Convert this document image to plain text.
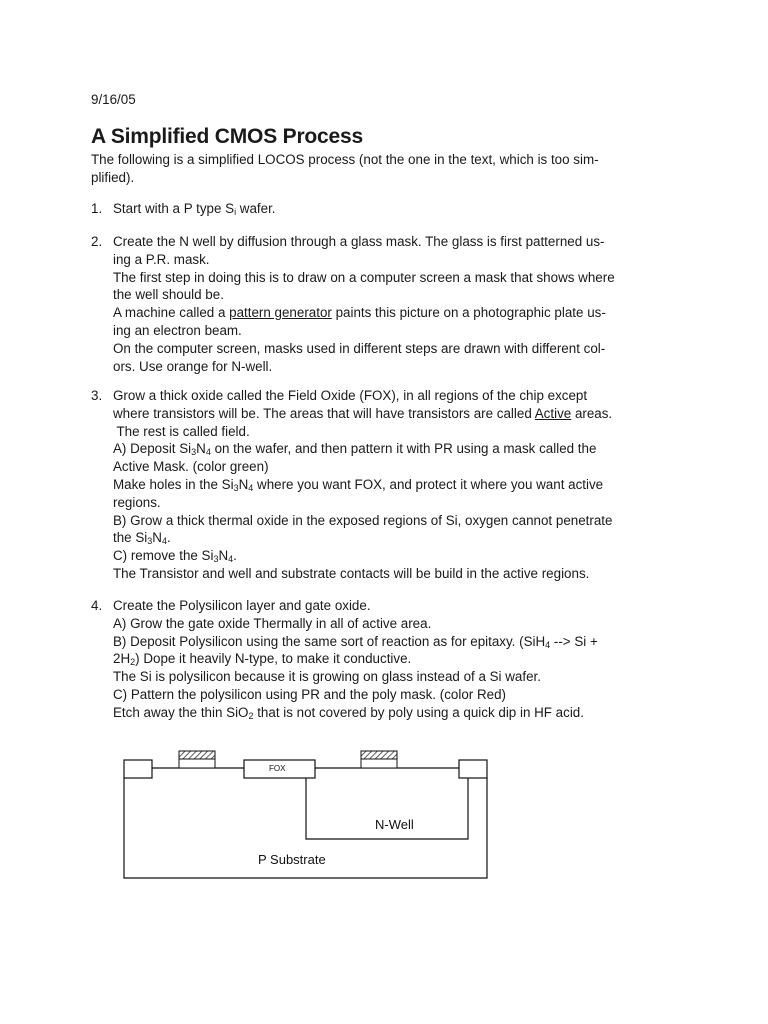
9/16/05
A Simplified CMOS Process
The following is a simplified LOCOS process (not the one in the text, which is too sim-
plified).
1. Start with a P type $S_i$ wafer.
2. Create the N well by diffusion through a glass mask. The glass is first patterned us-
ing a P.R. mask.
The first step in doing this is to draw on a computer screen a mask that shows where
the well should be.
A machine called a pattern generator paints this picture on a photographic plate us-
ing an electron beam.
On the computer screen, masks used in different steps are drawn with different col-
ors. Use orange for N-well.
3. Grow a thick oxide called the Field Oxide (FOX), in all regions of the chip except
where transistors will be. The areas that will have transistors are called Active areas.
The rest is called field.
A) Deposit $Si_3N_4$ on the wafer, and then pattern it with PR using a mask called the
Active Mask. (color green)
Make holes in the $Si_3N_4$ where you want FOX, and protect it where you want active
regions.
B) Grow a thick thermal oxide in the exposed regions of Si, oxygen cannot penetrate
the $Si_3N_4$.
C) remove the $Si_3N_4$.
The Transistor and well and substrate contacts will be build in the active regions.
4. Create the Polysilicon layer and gate oxide.
A) Grow the gate oxide Thermally in all of active area.
B) Deposit Polysilicon using the same sort of reaction as for epitaxy. (SiH$_4$ --> Si +
$2H_2$) Dope it heavily N-type, to make it conductive.
The Si is polysilicon because it is growing on glass instead of a Si wafer.
C) Pattern the polysilicon using PR and the poly mask. (color Red)
Etch away the thin SiO$_2$ that is not covered by poly using a quick dip in HF acid.
FOX
N-Well
P Substrate
